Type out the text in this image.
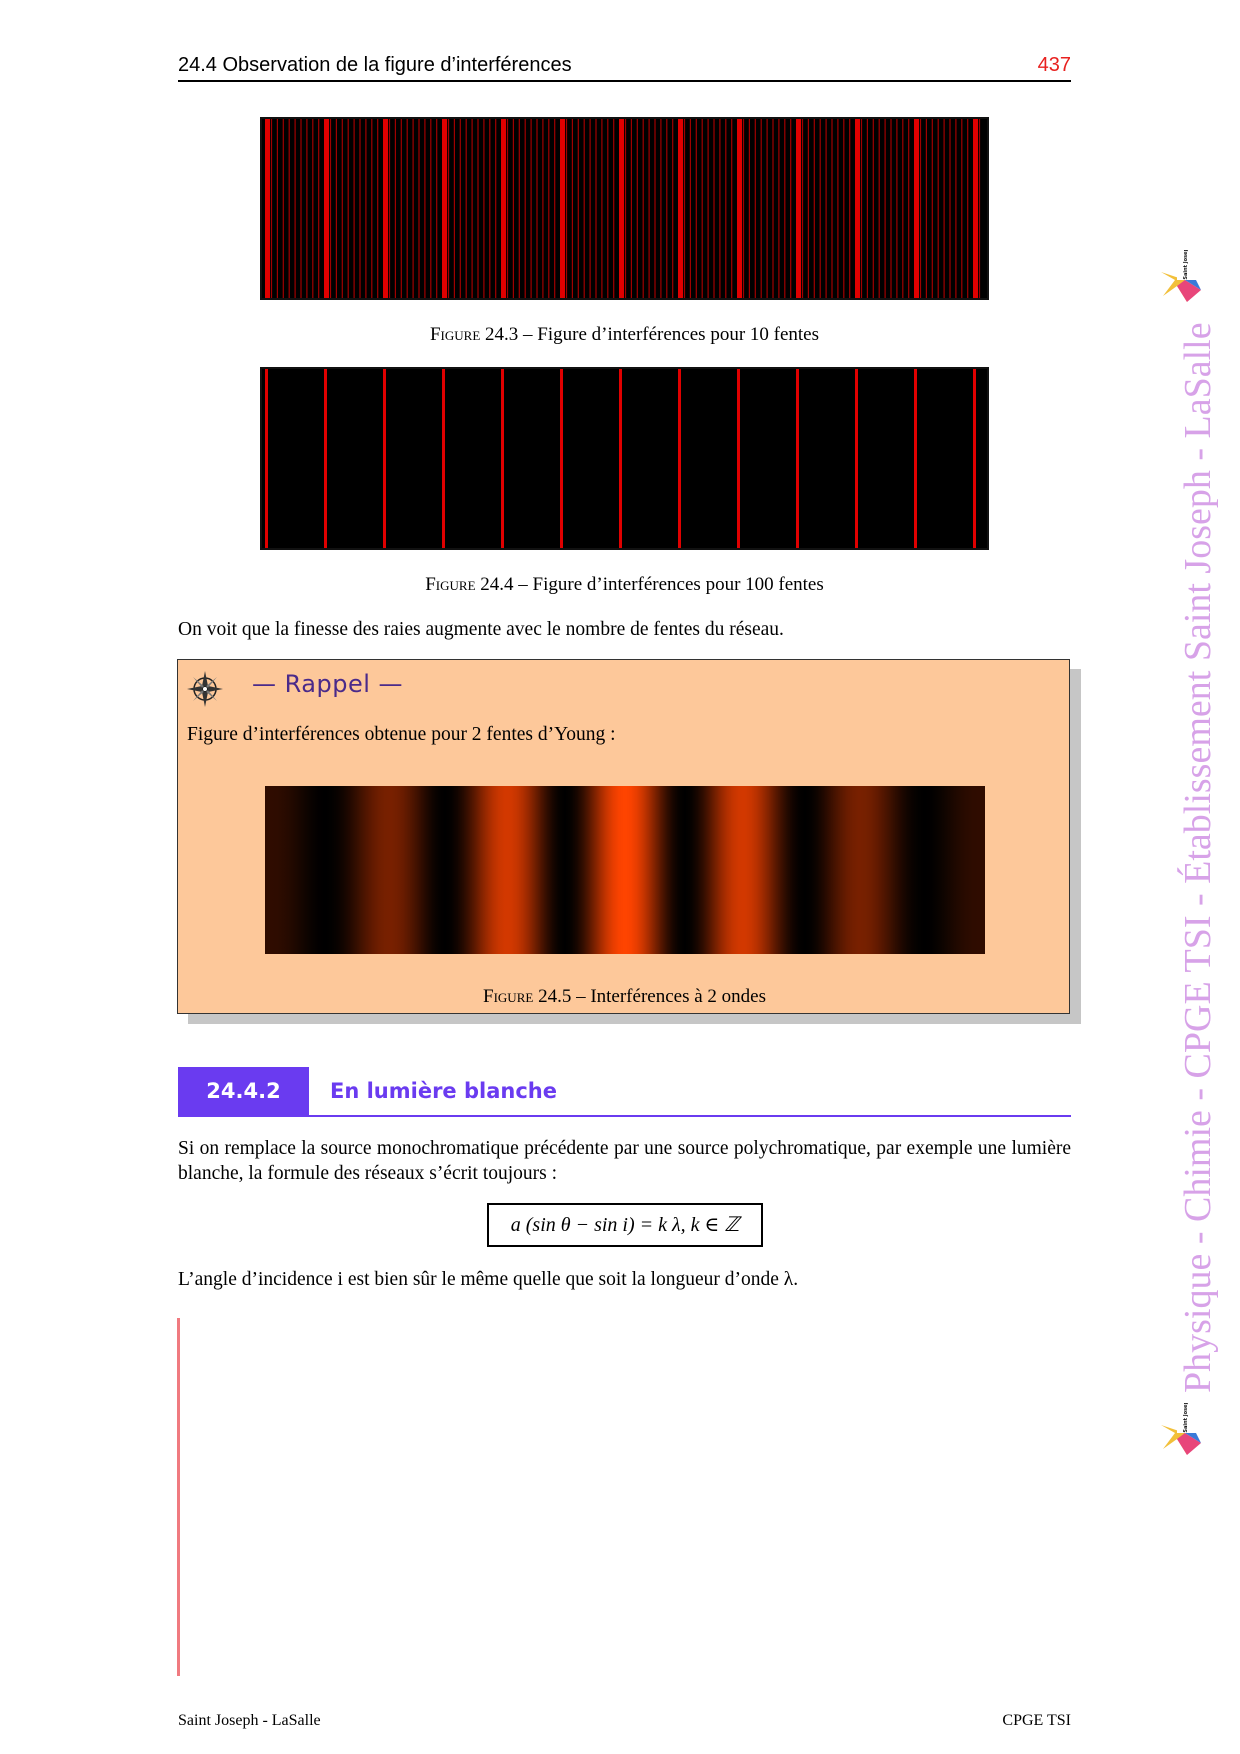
24.4 Observation de la figure d’interférences	437
Figure 24.3 – Figure d’interférences pour 10 fentes
Figure 24.4 – Figure d’interférences pour 100 fentes
On voit que la finesse des raies augmente avec le nombre de fentes du réseau.
— Rappel —
Figure d’interférences obtenue pour 2 fentes d’Young :
Figure 24.5 – Interférences à 2 ondes
24.4.2	En lumière blanche
Si on remplace la source monochromatique précédente par une source polychromatique, par exemple une lumière blanche, la formule des réseaux s’écrit toujours :
a (sin θ − sin i) = k λ, k ∈ ℤ
L’angle d’incidence i est bien sûr le même quelle que soit la longueur d’onde λ.	Physique - Chimie - CPGE TSI - Établissement Saint Joseph - LaSalle
Saint Joseph
Saint Joseph
Saint Joseph - LaSalle	CPGE TSI
